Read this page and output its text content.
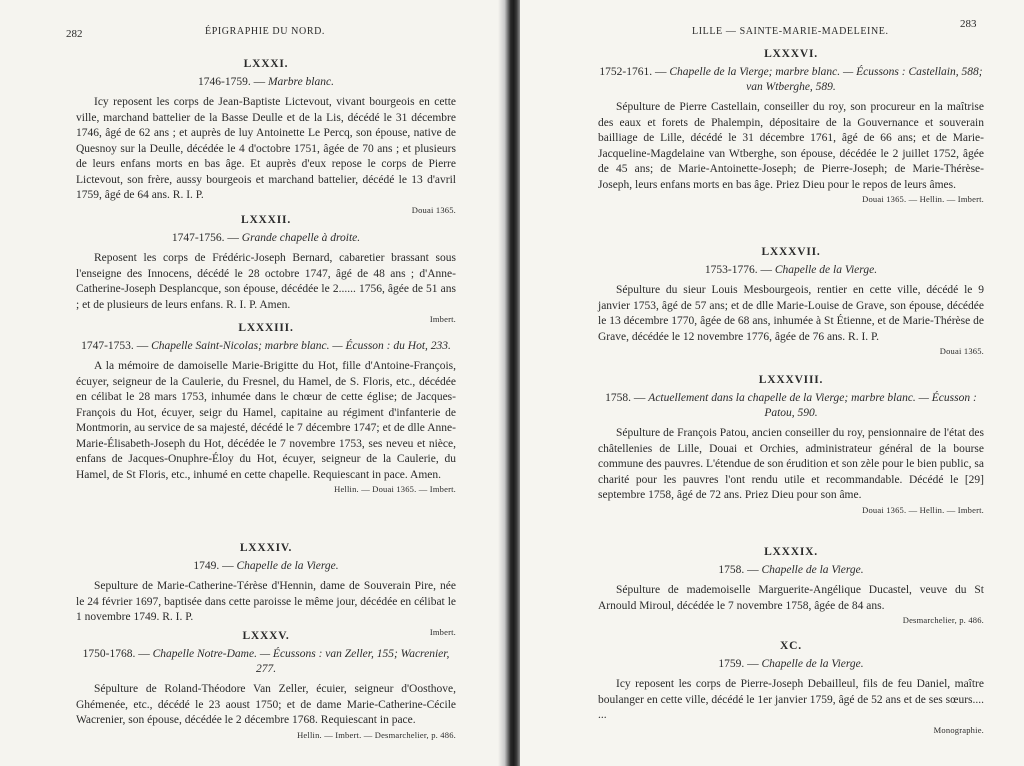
282	ÉPIGRAPHIE DU NORD.

LXXXI.

1746-1759. — Marbre blanc.

Icy reposent les corps de Jean-Baptiste Lictevout, vivant bourgeois en cette ville, marchand battelier de la Basse Deulle et de la Lis, décédé le 31 décembre 1746, âgé de 62 ans ; et auprès de luy Antoinette Le Percq, son épouse, native de Quesnoy sur la Deulle, décédée le 4 d'octobre 1751, âgée de 70 ans ; et plusieurs de leurs enfans morts en bas âge. Et auprès d'eux repose le corps de Pierre Lictevout, son frère, aussy bourgeois et marchand battelier, décédé le 13 d'avril 1759, âgé de 64 ans. R. I. P.

Douai 1365.

LXXXII.

1747-1756. — Grande chapelle à droite.

Reposent les corps de Frédéric-Joseph Bernard, cabaretier brassant sous l'enseigne des Innocens, décédé le 28 octobre 1747, âgé de 48 ans ; d'Anne-Catherine-Joseph Desplancque, son épouse, décédée le 2...... 1756, âgée de 51 ans ; et de plusieurs de leurs enfans. R. I. P. Amen.

Imbert.

LXXXIII.

1747-1753. — Chapelle Saint-Nicolas; marbre blanc. — Écusson : du Hot, 233.

A la mémoire de damoiselle Marie-Brigitte du Hot, fille d'Antoine-François, écuyer, seigneur de la Caulerie, du Fresnel, du Hamel, de S. Floris, etc., décédée en célibat le 28 mars 1753, inhumée dans le chœur de cette église; de Jacques-François du Hot, écuyer, seigr du Hamel, capitaine au régiment d'infanterie de Montmorin, au service de sa majesté, décédé le 7 décembre 1747; et de dlle Anne-Marie-Élisabeth-Joseph du Hot, décédée le 7 novembre 1753, ses neveu et nièce, enfans de Jacques-Onuphre-Éloy du Hot, écuyer, seigneur de la Caulerie, du Hamel, de St Floris, etc., inhumé en cette chapelle. Requiescant in pace. Amen.

Hellin. — Douai 1365. — Imbert.

LXXXIV.

1749. — Chapelle de la Vierge.

Sepulture de Marie-Catherine-Térèse d'Hennin, dame de Souverain Pire, née le 24 février 1697, baptisée dans cette paroisse le même jour, décédée en célibat le 1 novembre 1749. R. I. P.

Imbert.

LXXXV.

1750-1768. — Chapelle Notre-Dame. — Écussons : van Zeller, 155; Wacrenier, 277.

Sépulture de Roland-Théodore Van Zeller, écuier, seigneur d'Oosthove, Ghémenée, etc., décédé le 23 aoust 1750; et de dame Marie-Catherine-Cécile Wacrenier, son épouse, décédée le 2 décembre 1768. Requiescant in pace.

Hellin. — Imbert. — Desmarchelier, p. 486.

LILLE — SAINTE-MARIE-MADELEINE.
283

LXXXVI.

1752-1761. — Chapelle de la Vierge; marbre blanc. — Écussons : Castellain, 588; van Wtberghe, 589.

Sépulture de Pierre Castellain, conseiller du roy, son procureur en la maîtrise des eaux et forets de Phalempin, dépositaire de la Gouvernance et souverain bailliage de Lille, décédé le 31 décembre 1761, âgé de 66 ans; et de Marie-Jacqueline-Magdelaine van Wtberghe, son épouse, décédée le 2 juillet 1752, âgée de 45 ans; de Marie-Antoinette-Joseph; de Pierre-Joseph; de Marie-Thérèse-Joseph, leurs enfans morts en bas âge. Priez Dieu pour le repos de leurs âmes.

Douai 1365. — Hellin. — Imbert.

LXXXVII.

1753-1776. — Chapelle de la Vierge.

Sépulture du sieur Louis Mesbourgeois, rentier en cette ville, décédé le 9 janvier 1753, âgé de 57 ans; et de dlle Marie-Louise de Grave, son épouse, décédée le 13 décembre 1770, âgée de 68 ans, inhumée à St Étienne, et de Marie-Thérèse de Grave, décédée le 12 novembre 1776, âgée de 76 ans. R. I. P.

Douai 1365.

LXXXVIII.

1758. — Actuellement dans la chapelle de la Vierge; marbre blanc. — Écusson : Patou, 590.

Sépulture de François Patou, ancien conseiller du roy, pensionnaire de l'état des châtellenies de Lille, Douai et Orchies, administrateur général de la bourse commune des pauvres. L'étendue de son érudition et son zèle pour le bien public, sa charité pour les pauvres l'ont rendu utile et recommandable. Décédé le [29] septembre 1758, âgé de 72 ans. Priez Dieu pour son âme.

Douai 1365. — Hellin. — Imbert.

LXXXIX.

1758. — Chapelle de la Vierge.

Sépulture de mademoiselle Marguerite-Angélique Ducastel, veuve du St Arnould Miroul, décédée le 7 novembre 1758, âgée de 84 ans.

Desmarchelier, p. 486.

XC.

1759. — Chapelle de la Vierge.

Icy reposent les corps de Pierre-Joseph Debailleul, fils de feu Daniel, maître boulanger en cette ville, décédé le 1er janvier 1759, âgé de 52 ans et de ses sœurs.... ...

Monographie.
